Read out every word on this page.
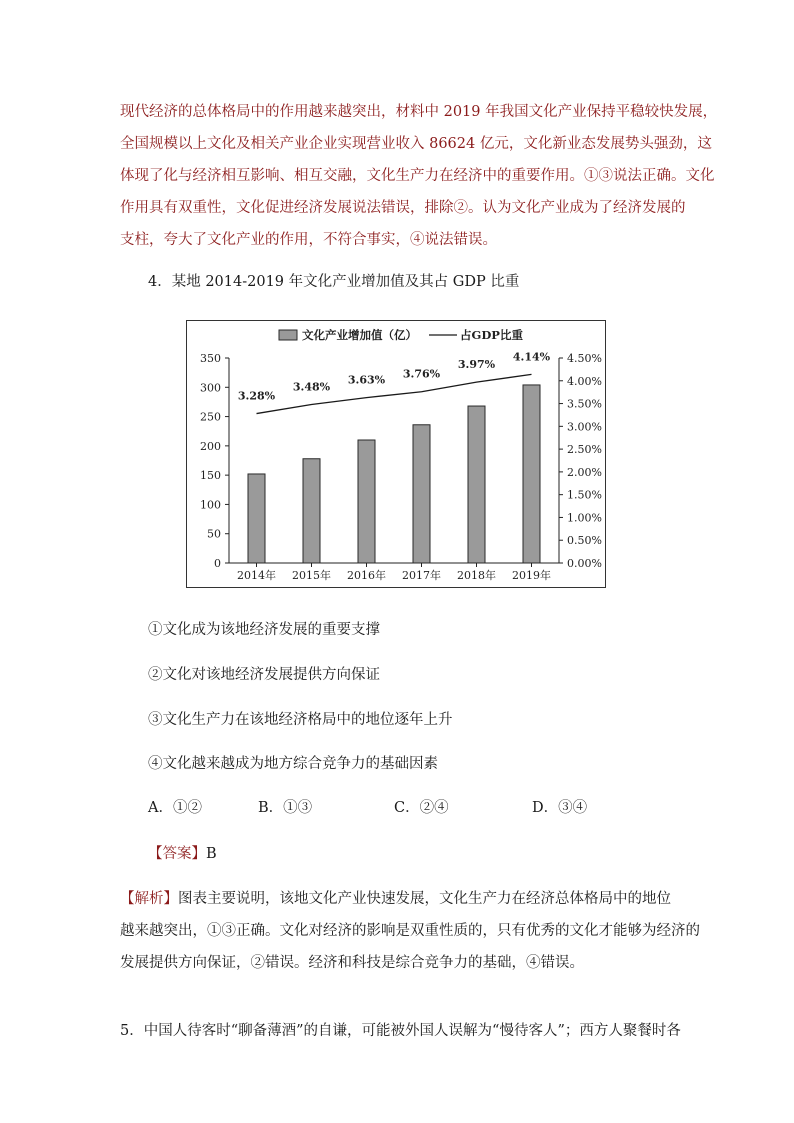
现代经济的总体格局中的作用越来越突出，材料中 2019 年我国文化产业保持平稳较快发展，
全国规模以上文化及相关产业企业实现营业收入 86624 亿元，文化新业态发展势头强劲，这
体现了化与经济相互影响、相互交融，文化生产力在经济中的重要作用。①③说法正确。文化
作用具有双重性，文化促进经济发展说法错误，排除②。认为文化产业成为了经济发展的
支柱，夸大了文化产业的作用，不符合事实，④说法错误。
4．某地 2014-2019 年文化产业增加值及其占 GDP 比重
0
50
100
150
200
250
300
350
0.00%
0.50%
1.00%
1.50%
2.00%
2.50%
3.00%
3.50%
4.00%
4.50%
2014年 2015年 2016年 2017年 2018年 2019年
3.28%
3.48%
3.63% 3.76%
3.97%
4.14%
文化产业增加值（亿）	占GDP比重
①文化成为该地经济发展的重要支撑
②文化对该地经济发展提供方向保证
③文化生产力在该地经济格局中的地位逐年上升
④文化越来越成为地方综合竞争力的基础因素
A．①②	B．①③	C．②④	D．③④
【答案】B
【解析】图表主要说明，该地文化产业快速发展，文化生产力在经济总体格局中的地位
越来越突出，①③正确。文化对经济的影响是双重性质的，只有优秀的文化才能够为经济的
发展提供方向保证，②错误。经济和科技是综合竞争力的基础，④错误。
5．中国人待客时“聊备薄酒”的自谦，可能被外国人误解为“慢待客人”；西方人聚餐时各
